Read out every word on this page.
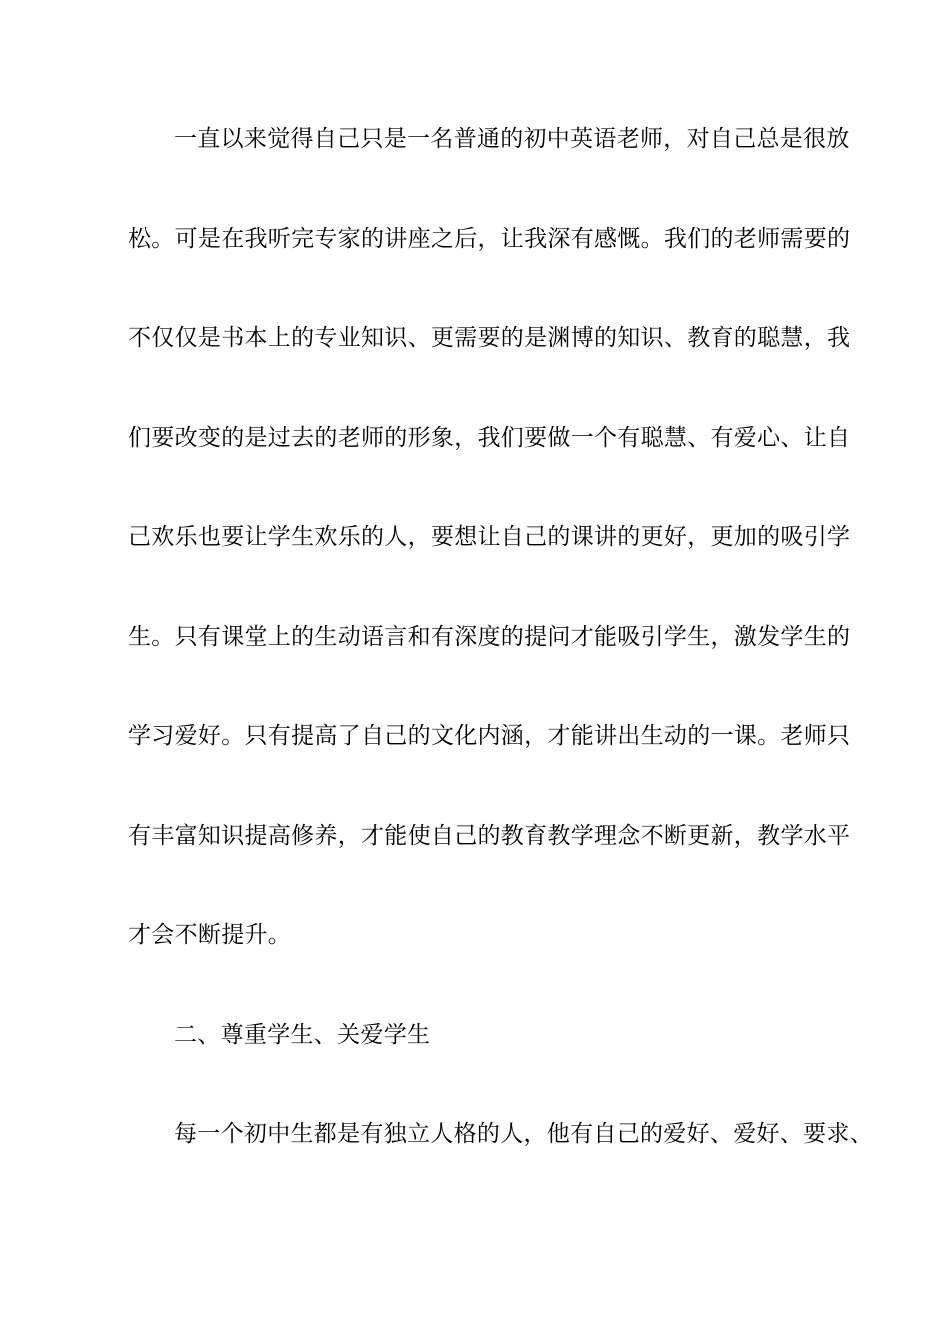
一直以来觉得自己只是一名普通的初中英语老师，对自己总是很放
松。可是在我听完专家的讲座之后，让我深有感慨。我们的老师需要的
不仅仅是书本上的专业知识、更需要的是渊博的知识、教育的聪慧，我
们要改变的是过去的老师的形象，我们要做一个有聪慧、有爱心、让自
己欢乐也要让学生欢乐的人，要想让自己的课讲的更好，更加的吸引学
生。只有课堂上的生动语言和有深度的提问才能吸引学生，激发学生的
学习爱好。只有提高了自己的文化内涵，才能讲出生动的一课。老师只
有丰富知识提高修养，才能使自己的教育教学理念不断更新，教学水平
才会不断提升。
二、尊重学生、关爱学生
每一个初中生都是有独立人格的人，他有自己的爱好、爱好、要求、
